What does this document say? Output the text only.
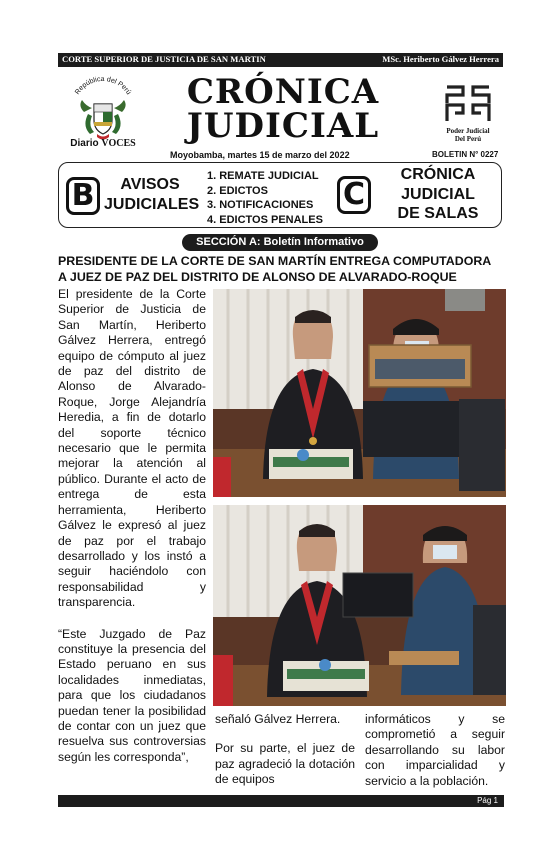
CORTE SUPERIOR DE JUSTICIA DE SAN MARTIN	MSc. Heriberto Gálvez Herrera
República del Perú
Diario VOCES
CRÓNICA
JUDICIAL
Moyobamba, martes 15 de marzo del 2022	BOLETIN N° 0227
Poder Judicial
Del Perú
B	AVISOS
JUDICIALES
1. REMATE JUDICIAL
2. EDICTOS
3. NOTIFICACIONES
4. EDICTOS PENALES
C
CRÓNICA
JUDICIAL
DE SALAS
SECCIÓN A: Boletín Informativo
PRESIDENTE DE LA CORTE DE SAN MARTÍN ENTREGA COMPUTADORA
A JUEZ DE PAZ DEL DISTRITO DE ALONSO DE ALVARADO-ROQUE

El presidente de la Corte Superior de Justicia de San Martín, Heriberto Gálvez Herrera, entregó equipo de cómputo al juez de paz del distrito de Alonso de Alvarado-Roque, Jorge Alejandría Heredia, a fin de dotarlo del soporte técnico necesario que le permita mejorar la atención al público. Durante el acto de entrega de esta herramienta, Heriberto Gálvez le expresó al juez de paz por el trabajo desarrollado y los instó a seguir haciéndolo con responsabilidad y transparencia.

“Este Juzgado de Paz constituye la presencia del Estado peruano en sus localidades inmediatas, para que los ciudadanos puedan tener la posibilidad de contar con un juez que resuelva sus controversias según les corresponda”,

señaló Gálvez Herrera.

Por su parte, el juez de paz agradeció la dotación de equipos

informáticos y se comprometió a seguir desarrollando su labor con imparcialidad y servicio a la población.

Pág 1
